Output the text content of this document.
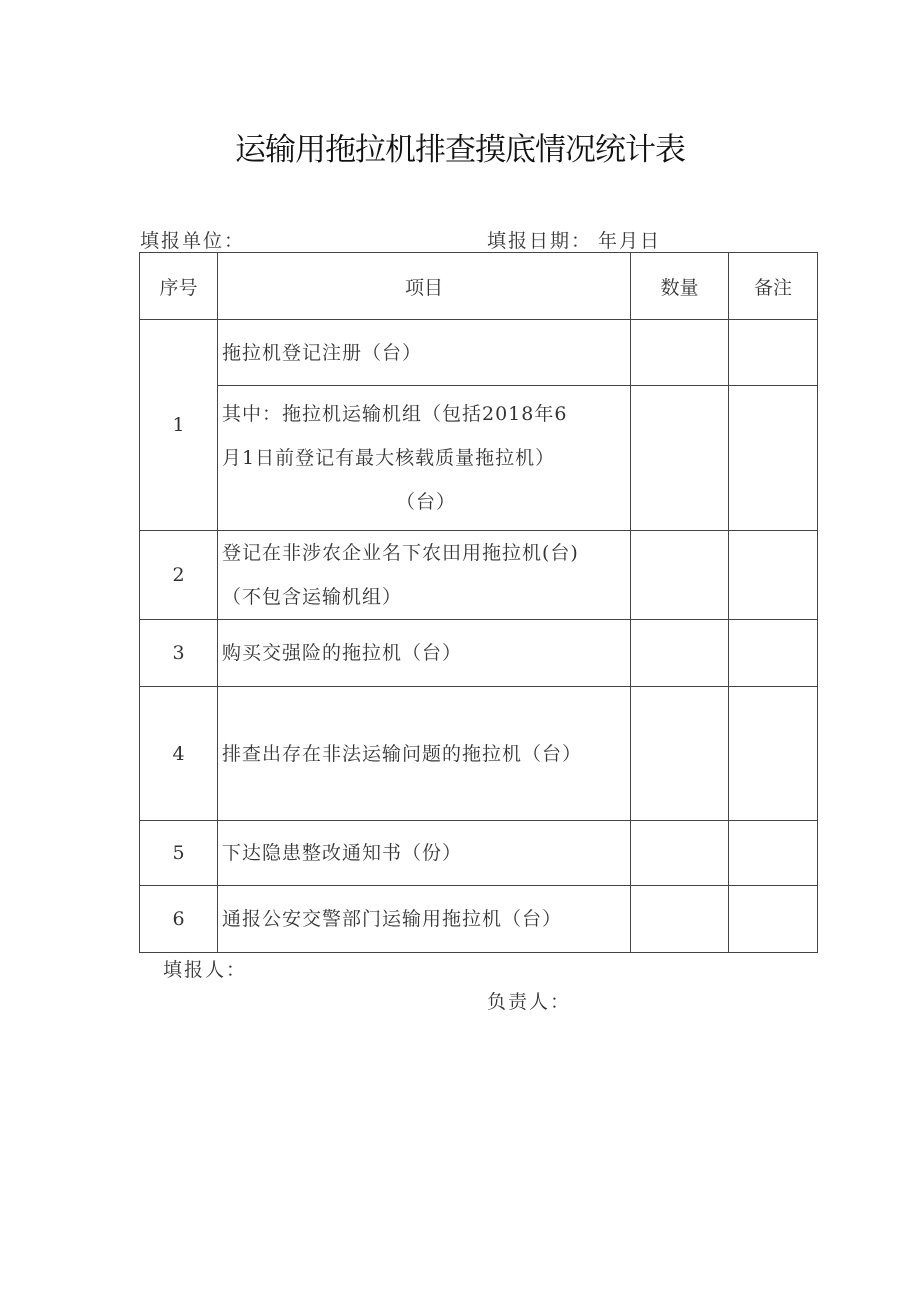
运输用拖拉机排查摸底情况统计表
填报单位：	填报日期： 年月日
序号	项目	数量	备注
1	拖拉机登记注册（台）		

	其中：拖拉机运输机组（包括2018年6
月1日前登记有最大核载质量拖拉机）
（台）		

2	登记在非涉农企业名下农田用拖拉机(台)
（不包含运输机组）		

3	购买交强险的拖拉机（台）		

4	排查出存在非法运输问题的拖拉机（台）		

5	下达隐患整改通知书（份）		

6	通报公安交警部门运输用拖拉机（台）		

填报人：
负责人：
